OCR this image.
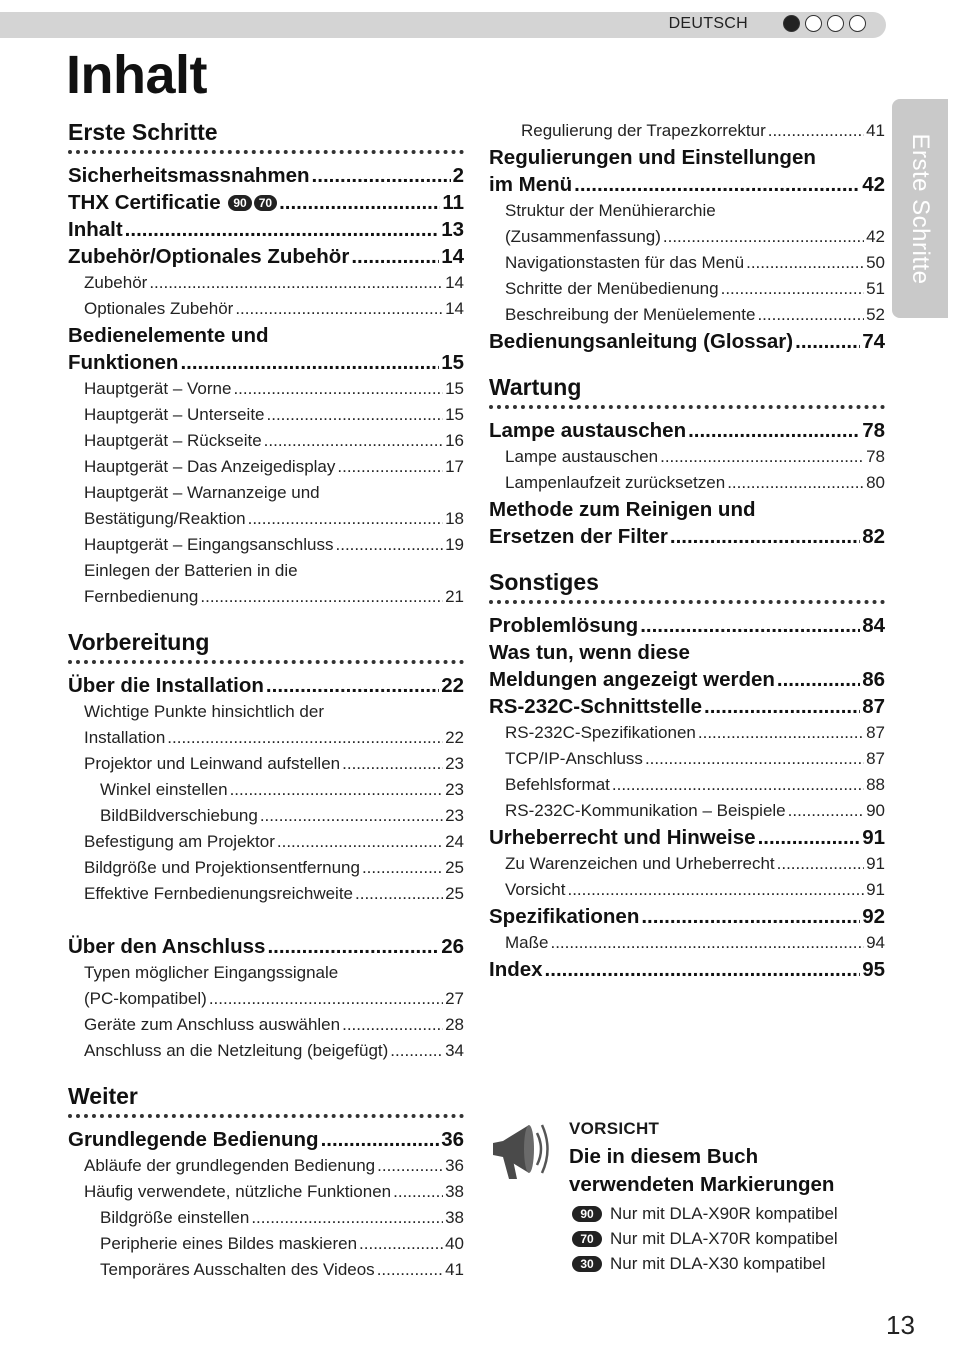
DEUTSCH
Inhalt
Erste Schritte
Erste Schritte
Sicherheitsmassnahmen .....	2
THX Certificatie 90 70 .....	11
Inhalt .....	13
Zubehör/Optionales Zubehör .....	14
Zubehör .....	14
Optionales Zubehör .....	14
Bedienelemente und
Funktionen .....	15
Hauptgerät – Vorne .....	15
Hauptgerät – Unterseite .....	15
Hauptgerät – Rückseite .....	16
Hauptgerät – Das Anzeigedisplay .....	17
Hauptgerät – Warnanzeige und
Bestätigung/Reaktion .....	18
Hauptgerät – Eingangsanschluss .....	19
Einlegen der Batterien in die
Fernbedienung .....	21
Vorbereitung
Über die Installation .....	22
Wichtige Punkte hinsichtlich der
Installation .....	22
Projektor und Leinwand aufstellen .....	23
Winkel einstellen .....	23
BildBildverschiebung .....	23
Befestigung am Projektor .....	24
Bildgröße und Projektionsentfernung .....	25
Effektive Fernbedienungsreichweite .....	25
Über den Anschluss .....	26
Typen möglicher Eingangssignale
(PC-kompatibel) .....	27
Geräte zum Anschluss auswählen .....	28
Anschluss an die Netzleitung (beigefügt) .....	34
Weiter
Grundlegende Bedienung .....	36
Abläufe der grundlegenden Bedienung .....	36
Häufig verwendete, nützliche Funktionen .....	38
Bildgröße einstellen .....	38
Peripherie eines Bildes maskieren .....	40
Temporäres Ausschalten des Videos .....	41
Regulierung der Trapezkorrektur .....	41
Regulierungen und Einstellungen
im Menü .....	42
Struktur der Menühierarchie
(Zusammenfassung) .....	42
Navigationstasten für das Menü .....	50
Schritte der Menübedienung .....	51
Beschreibung der Menüelemente .....	52
Bedienungsanleitung (Glossar) .....	74
Wartung
Lampe austauschen .....	78
Lampe austauschen .....	78
Lampenlaufzeit zurücksetzen .....	80
Methode zum Reinigen und
Ersetzen der Filter .....	82
Sonstiges
Problemlösung .....	84
Was tun, wenn diese
Meldungen angezeigt werden .....	86
RS-232C-Schnittstelle .....	87
RS-232C-Spezifikationen .....	87
TCP/IP-Anschluss .....	87
Befehlsformat .....	88
RS-232C-Kommunikation – Beispiele .....	90
Urheberrecht und Hinweise .....	91
Zu Warenzeichen und Urheberrecht .....	91
Vorsicht .....	91
Spezifikationen .....	92
Maße .....	94
Index .....	95
VORSICHT
Die in diesem Buch
verwendeten Markierungen
90 Nur mit DLA-X90R kompatibel
70 Nur mit DLA-X70R kompatibel
30 Nur mit DLA-X30 kompatibel
13
